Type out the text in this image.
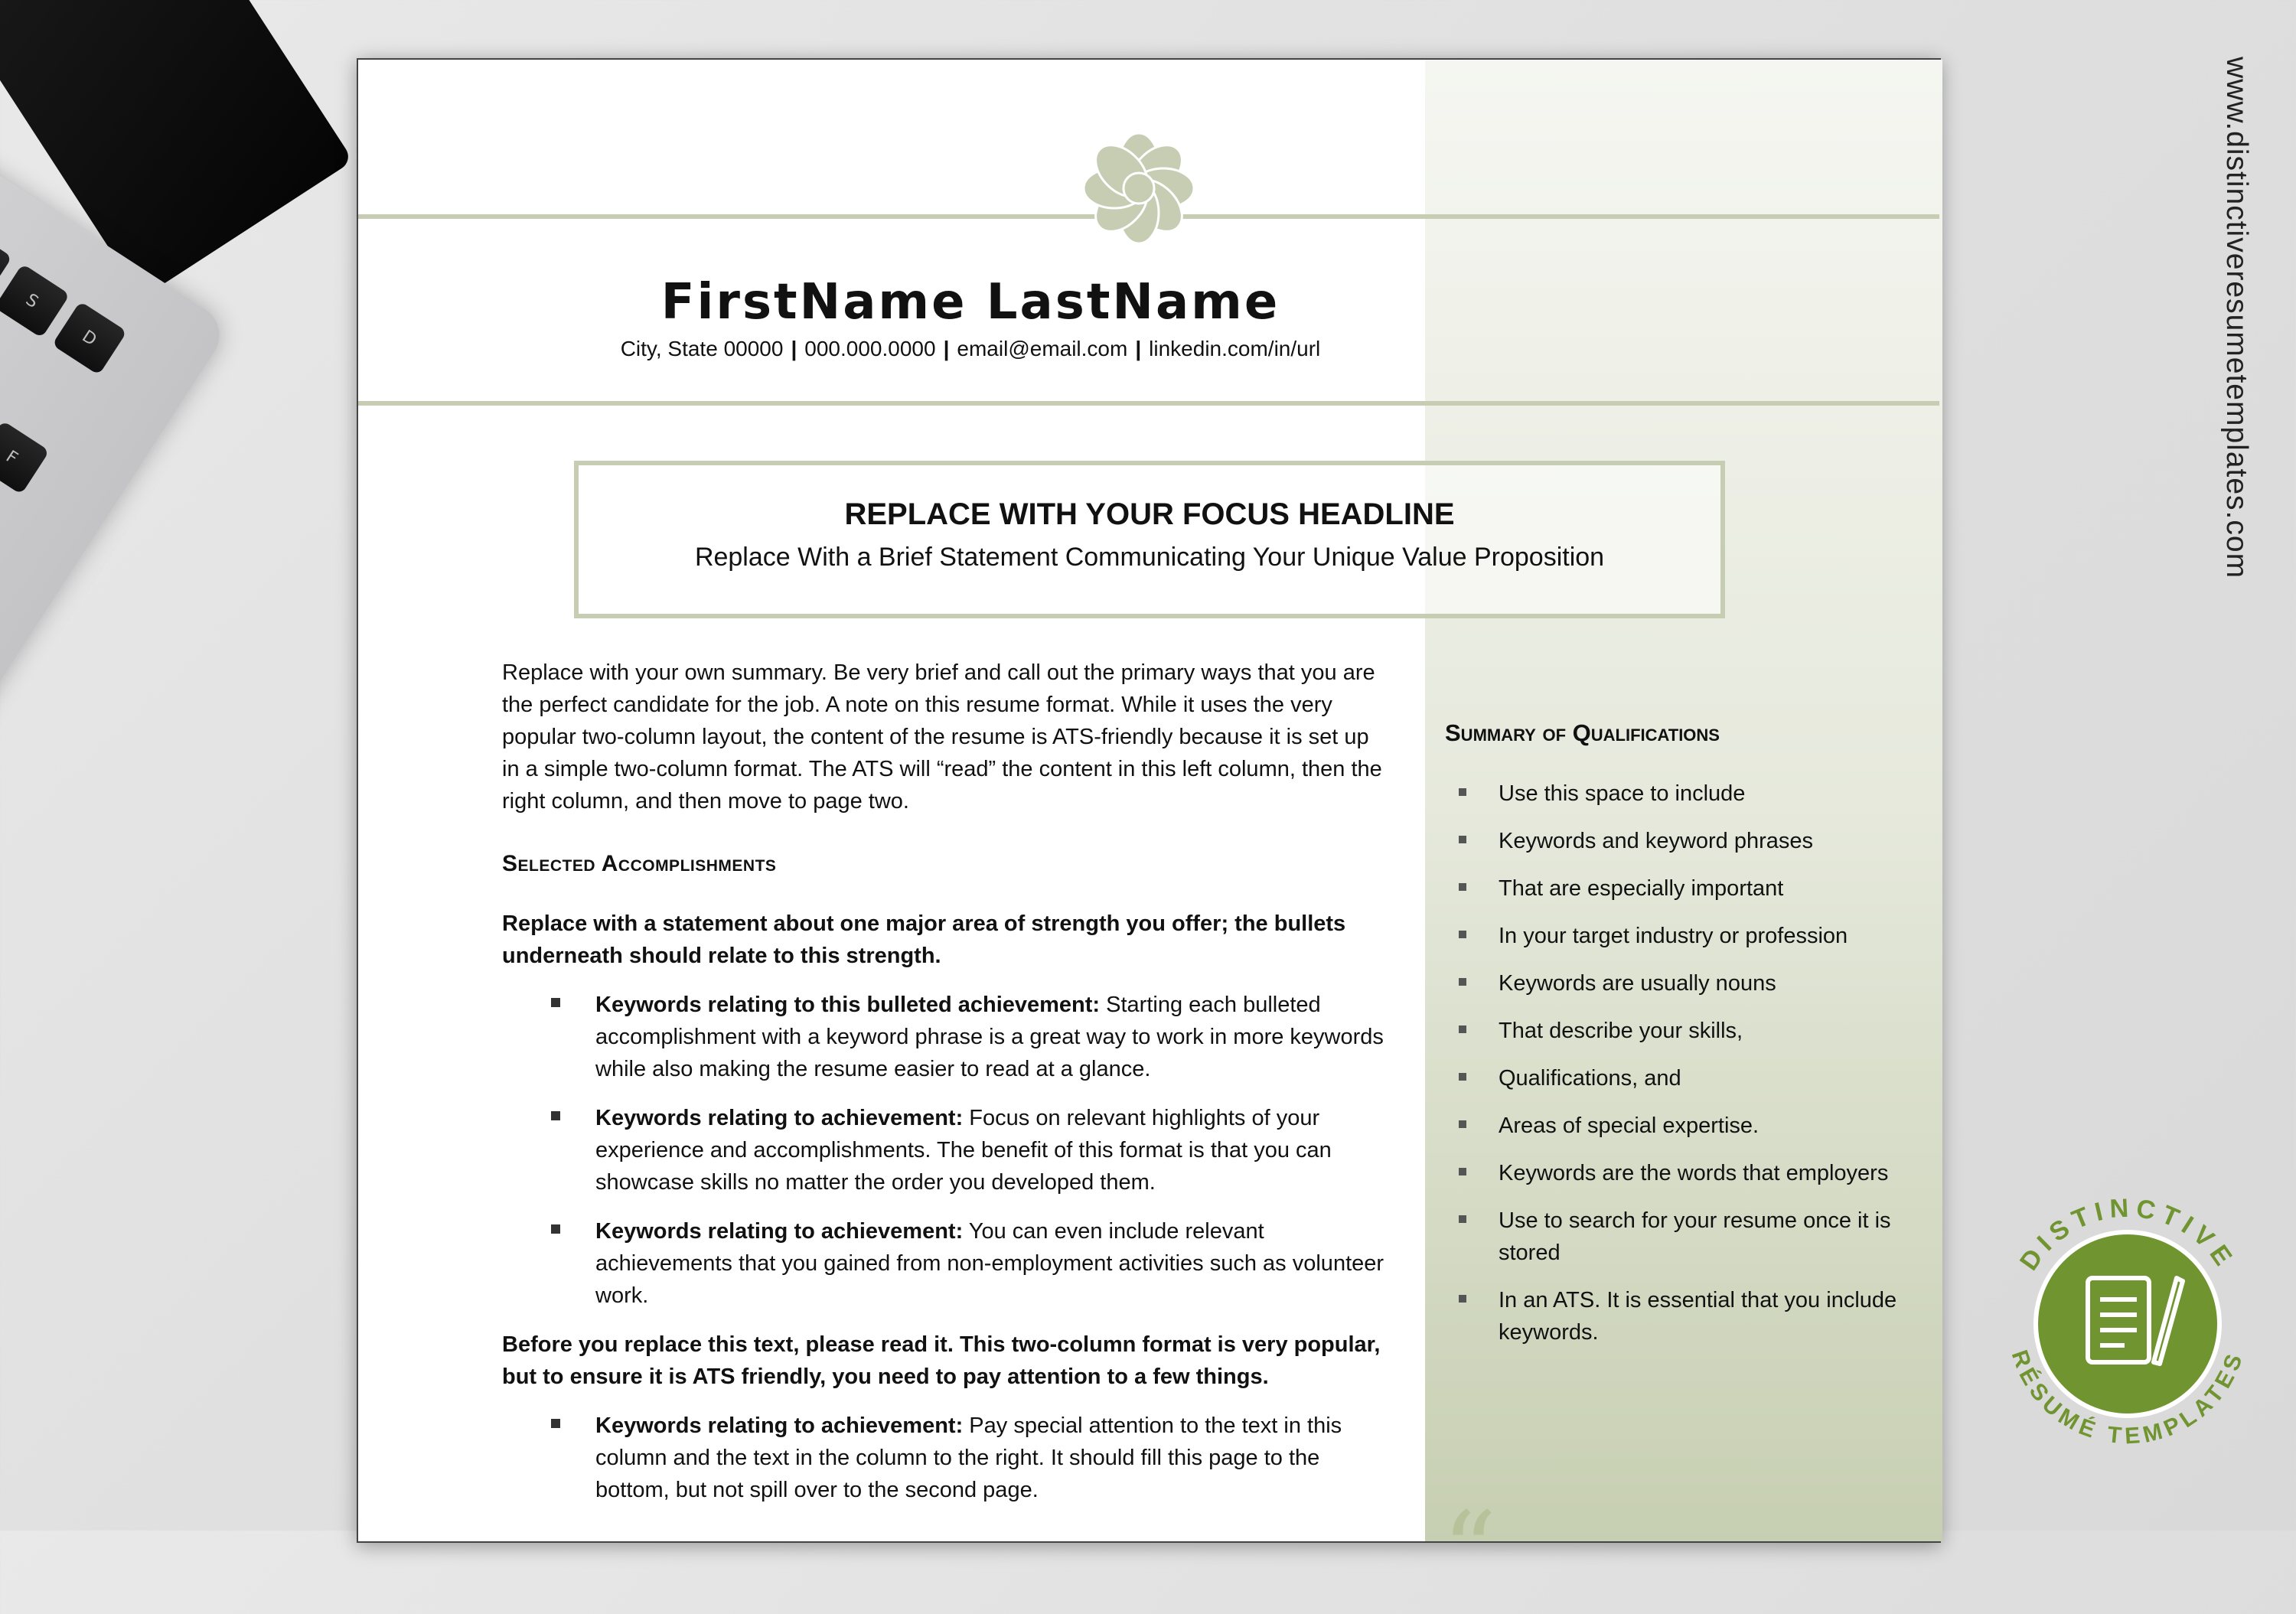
S
D
F
FirstName LastName
City, State 00000 | 000.000.0000 | email@email.com | linkedin.com/in/url
REPLACE WITH YOUR FOCUS HEADLINE
Replace With a Brief Statement Communicating Your Unique Value Proposition

Replace with your own summary. Be very brief and call out the primary ways that you are the perfect candidate for the job. A note on this resume format. While it uses the very popular two-column layout, the content of the resume is ATS-friendly because it is set up in a simple two-column format. The ATS will “read” the content in this left column, then the right column, and then move to page two.

Selected Accomplishments

Replace with a statement about one major area of strength you offer; the bullets underneath should relate to this strength.

Keywords relating to this bulleted achievement: Starting each bulleted accomplishment with a keyword phrase is a great way to work in more keywords while also making the resume easier to read at a glance.
Keywords relating to achievement: Focus on relevant highlights of your experience and accomplishments. The benefit of this format is that you can showcase skills no matter the order you developed them.
Keywords relating to achievement: You can even include relevant achievements that you gained from non-employment activities such as volunteer work.

Before you replace this text, please read it. This two-column format is very popular, but to ensure it is ATS friendly, you need to pay attention to a few things.

Keywords relating to achievement: Pay special attention to the text in this column and the text in the column to the right. It should fill this page to the bottom, but not spill over to the second page.
Summary of Qualifications
Use this space to include
Keywords and keyword phrases
That are especially important
In your target industry or profession
Keywords are usually nouns
That describe your skills,
Qualifications, and
Areas of special expertise.
Keywords are the words that employers
Use to search for your resume once it is stored
In an ATS. It is essential that you include keywords.
“
www.distinctiveresumetemplates.com
DISTINCTIVE
RÉSUMÉ TEMPLATES
